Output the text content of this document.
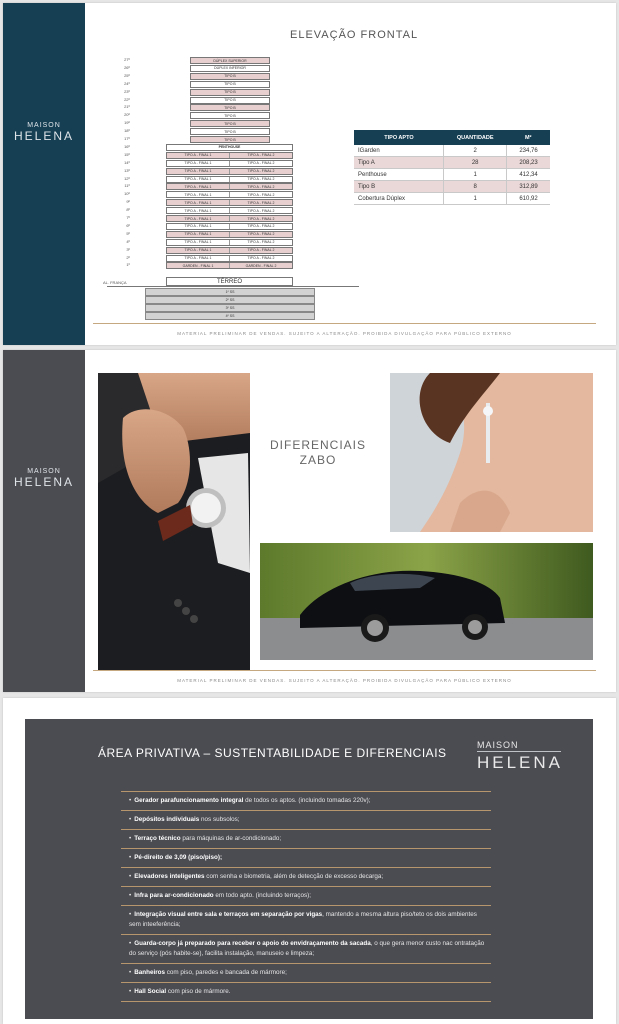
MAISON
HELENA
ELEVAÇÃO FRONTAL
27º	DÚPLEX SUPERIOR
26º	DÚPLEX INFERIOR
25º	TIPO B
24º	TIPO B
23º	TIPO B
22º	TIPO B
21º	TIPO B
20º	TIPO B
19º	TIPO B
18º	TIPO B
17º	TIPO B
16º	PENTHOUSE
15º	TIPO A - FINAL 1	TIPO A - FINAL 2
14º	TIPO A - FINAL 1	TIPO A - FINAL 2
13º	TIPO A - FINAL 1	TIPO A - FINAL 2
12º	TIPO A - FINAL 1	TIPO A - FINAL 2
11º	TIPO A - FINAL 1	TIPO A - FINAL 2
10º	TIPO A - FINAL 1	TIPO A - FINAL 2
9º	TIPO A - FINAL 1	TIPO A - FINAL 2
8º	TIPO A - FINAL 1	TIPO A - FINAL 2
7º	TIPO A - FINAL 1	TIPO A - FINAL 2
6º	TIPO A - FINAL 1	TIPO A - FINAL 2
5º	TIPO A - FINAL 1	TIPO A - FINAL 2
4º	TIPO A - FINAL 1	TIPO A - FINAL 2
3º	TIPO A - FINAL 1	TIPO A - FINAL 2
2º	TIPO A - FINAL 1	TIPO A - FINAL 2
1º	GARDEN - FINAL 1	GARDEN - FINAL 2
AL. FRANÇA	TÉRREO
1º SS
2º SS
3º SS
4º SS
TIPO APTO	QUANTIDADE	M²
IGarden	2	234,76
Tipo A	28	208,23
Penthouse	1	412,34
Tipo B	8	312,89
Cobertura Dúplex	1	610,92
MATERIAL PRELIMINAR DE VENDAS. SUJEITO A ALTERAÇÃO. PROIBIDA DIVULGAÇÃO PARA PÚBLICO EXTERNO
MAISON
HELENA
DIFERENCIAIS
ZABO
MATERIAL PRELIMINAR DE VENDAS. SUJEITO A ALTERAÇÃO. PROIBIDA DIVULGAÇÃO PARA PÚBLICO EXTERNO
ÁREA PRIVATIVA – SUSTENTABILIDADE E DIFERENCIAIS
MAISON
HELENA
• Gerador parafuncionamento integral de todos os aptos. (incluindo tomadas 220v);
• Depósitos individuais nos subsolos;
• Terraço técnico para máquinas de ar-condicionado;
• Pé-direito de 3,09 (piso/piso);
• Elevadores inteligentes com senha e biometria, além de detecção de excesso decarga;
• Infra para ar-condicionado em todo apto. (incluindo terraços);
• Integração visual entre sala e terraços em separação por vigas, mantendo a mesma altura piso/teto os dois ambientes sem inteeferência;
• Guarda-corpo já preparado para receber o apoio do envidraçamento da sacada, o que gera menor custo nac ontratação do serviço (pós habite-se), facilita instalação, manuseio e limpeza;
• Banheiros com piso, paredes e bancada de mármore;
• Hall Social com piso de mármore.
